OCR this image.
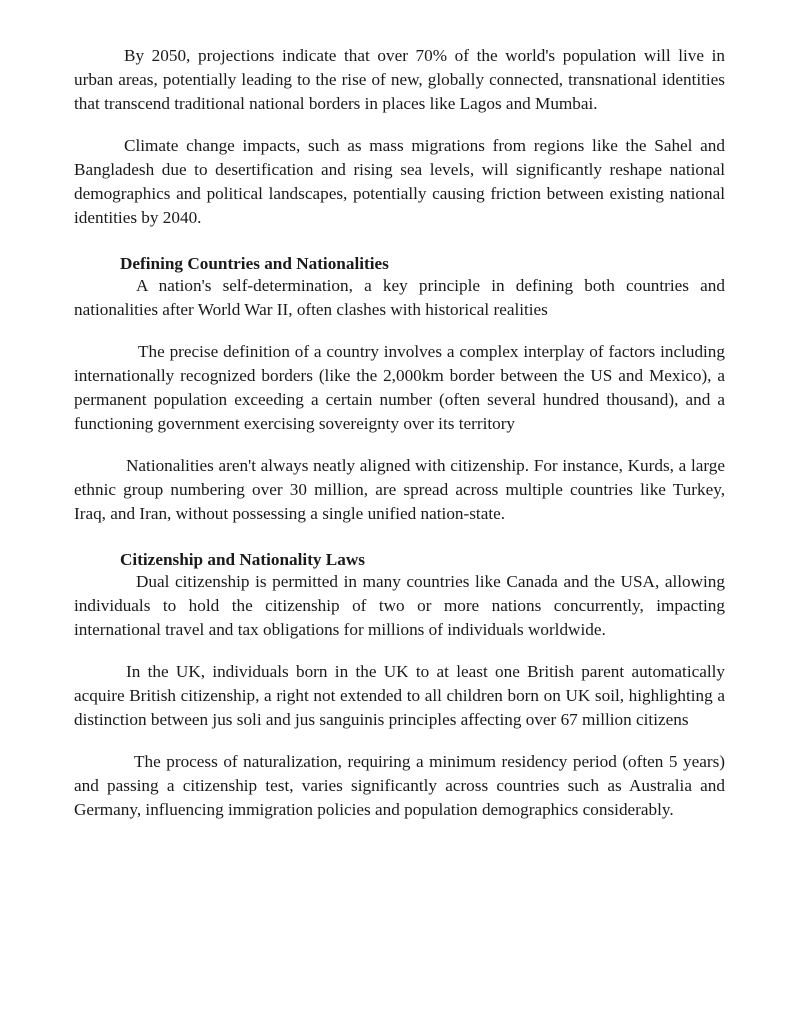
By 2050, projections indicate that over 70% of the world's population will live in urban areas, potentially leading to the rise of new, globally connected, transnational identities that transcend traditional national borders in places like Lagos and Mumbai.

Climate change impacts, such as mass migrations from regions like the Sahel and Bangladesh due to desertification and rising sea levels, will significantly reshape national demographics and political landscapes, potentially causing friction between existing national identities by 2040.

Defining Countries and Nationalities

A nation's self-determination, a key principle in defining both countries and nationalities after World War II, often clashes with historical realities

The precise definition of a country involves a complex interplay of factors including internationally recognized borders (like the 2,000km border between the US and Mexico), a permanent population exceeding a certain number (often several hundred thousand), and a functioning government exercising sovereignty over its territory

Nationalities aren't always neatly aligned with citizenship. For instance, Kurds, a large ethnic group numbering over 30 million, are spread across multiple countries like Turkey, Iraq, and Iran, without possessing a single unified nation-state.

Citizenship and Nationality Laws

Dual citizenship is permitted in many countries like Canada and the USA, allowing individuals to hold the citizenship of two or more nations concurrently, impacting international travel and tax obligations for millions of individuals worldwide.

In the UK, individuals born in the UK to at least one British parent automatically acquire British citizenship, a right not extended to all children born on UK soil, highlighting a distinction between jus soli and jus sanguinis principles affecting over 67 million citizens

The process of naturalization, requiring a minimum residency period (often 5 years) and passing a citizenship test, varies significantly across countries such as Australia and Germany, influencing immigration policies and population demographics considerably.
